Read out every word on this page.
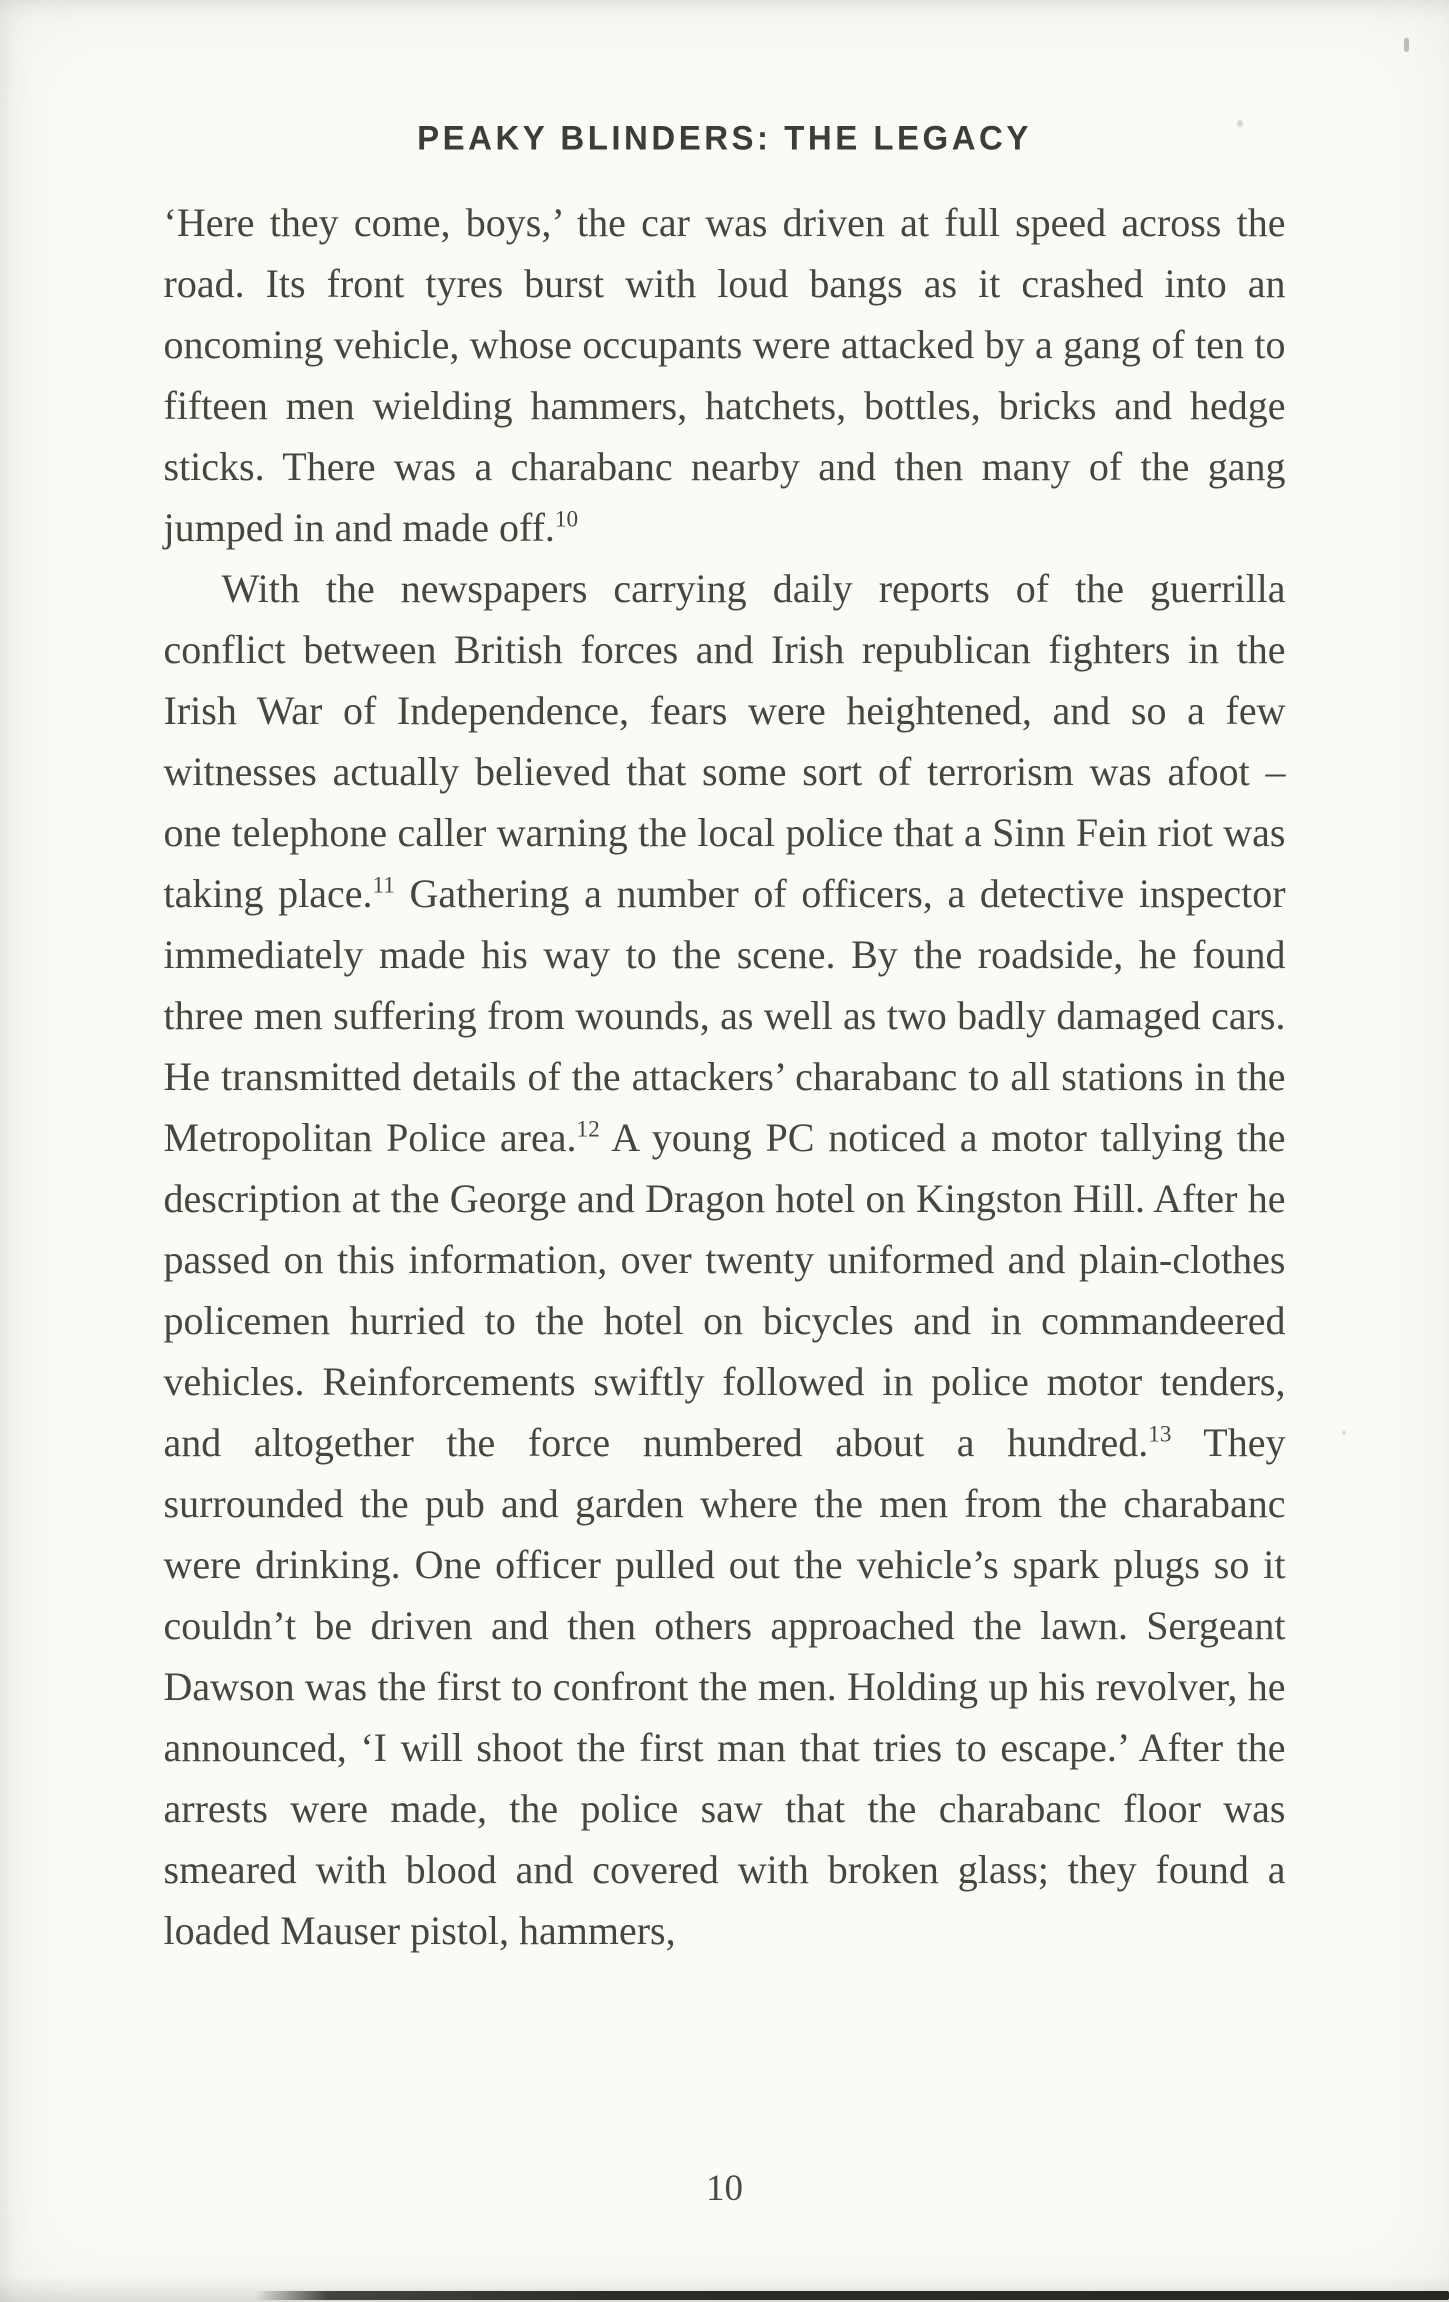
PEAKY BLINDERS: THE LEGACY

‘Here they come, boys,’ the car was driven at full speed across the road. Its front tyres burst with loud bangs as it crashed into an oncoming vehicle, whose occupants were attacked by a gang of ten to fifteen men wielding hammers, hatchets, bottles, bricks and hedge sticks. There was a charabanc nearby and then many of the gang jumped in and made off.$^{10}$

With the newspapers carrying daily reports of the guerrilla conflict between British forces and Irish republican fighters in the Irish War of Independence, fears were heightened, and so a few witnesses actually believed that some sort of terrorism was afoot – one telephone caller warning the local police that a Sinn Fein riot was taking place.$^{11}$ Gathering a number of officers, a detective inspector immediately made his way to the scene. By the roadside, he found three men suffering from wounds, as well as two badly damaged cars. He transmitted details of the attackers’ charabanc to all stations in the Metropolitan Police area.$^{12}$ A young PC noticed a motor tallying the description at the George and Dragon hotel on Kingston Hill. After he passed on this information, over twenty uniformed and plain-clothes policemen hurried to the hotel on bicycles and in commandeered vehicles. Reinforcements swiftly followed in police motor tenders, and altogether the force numbered about a hundred.$^{13}$ They surrounded the pub and garden where the men from the charabanc were drinking. One officer pulled out the vehicle’s spark plugs so it couldn’t be driven and then others approached the lawn. Sergeant Dawson was the first to confront the men. Holding up his revolver, he announced, ‘I will shoot the first man that tries to escape.’ After the arrests were made, the police saw that the charabanc floor was smeared with blood and covered with broken glass; they found a loaded Mauser pistol, hammers,

10
